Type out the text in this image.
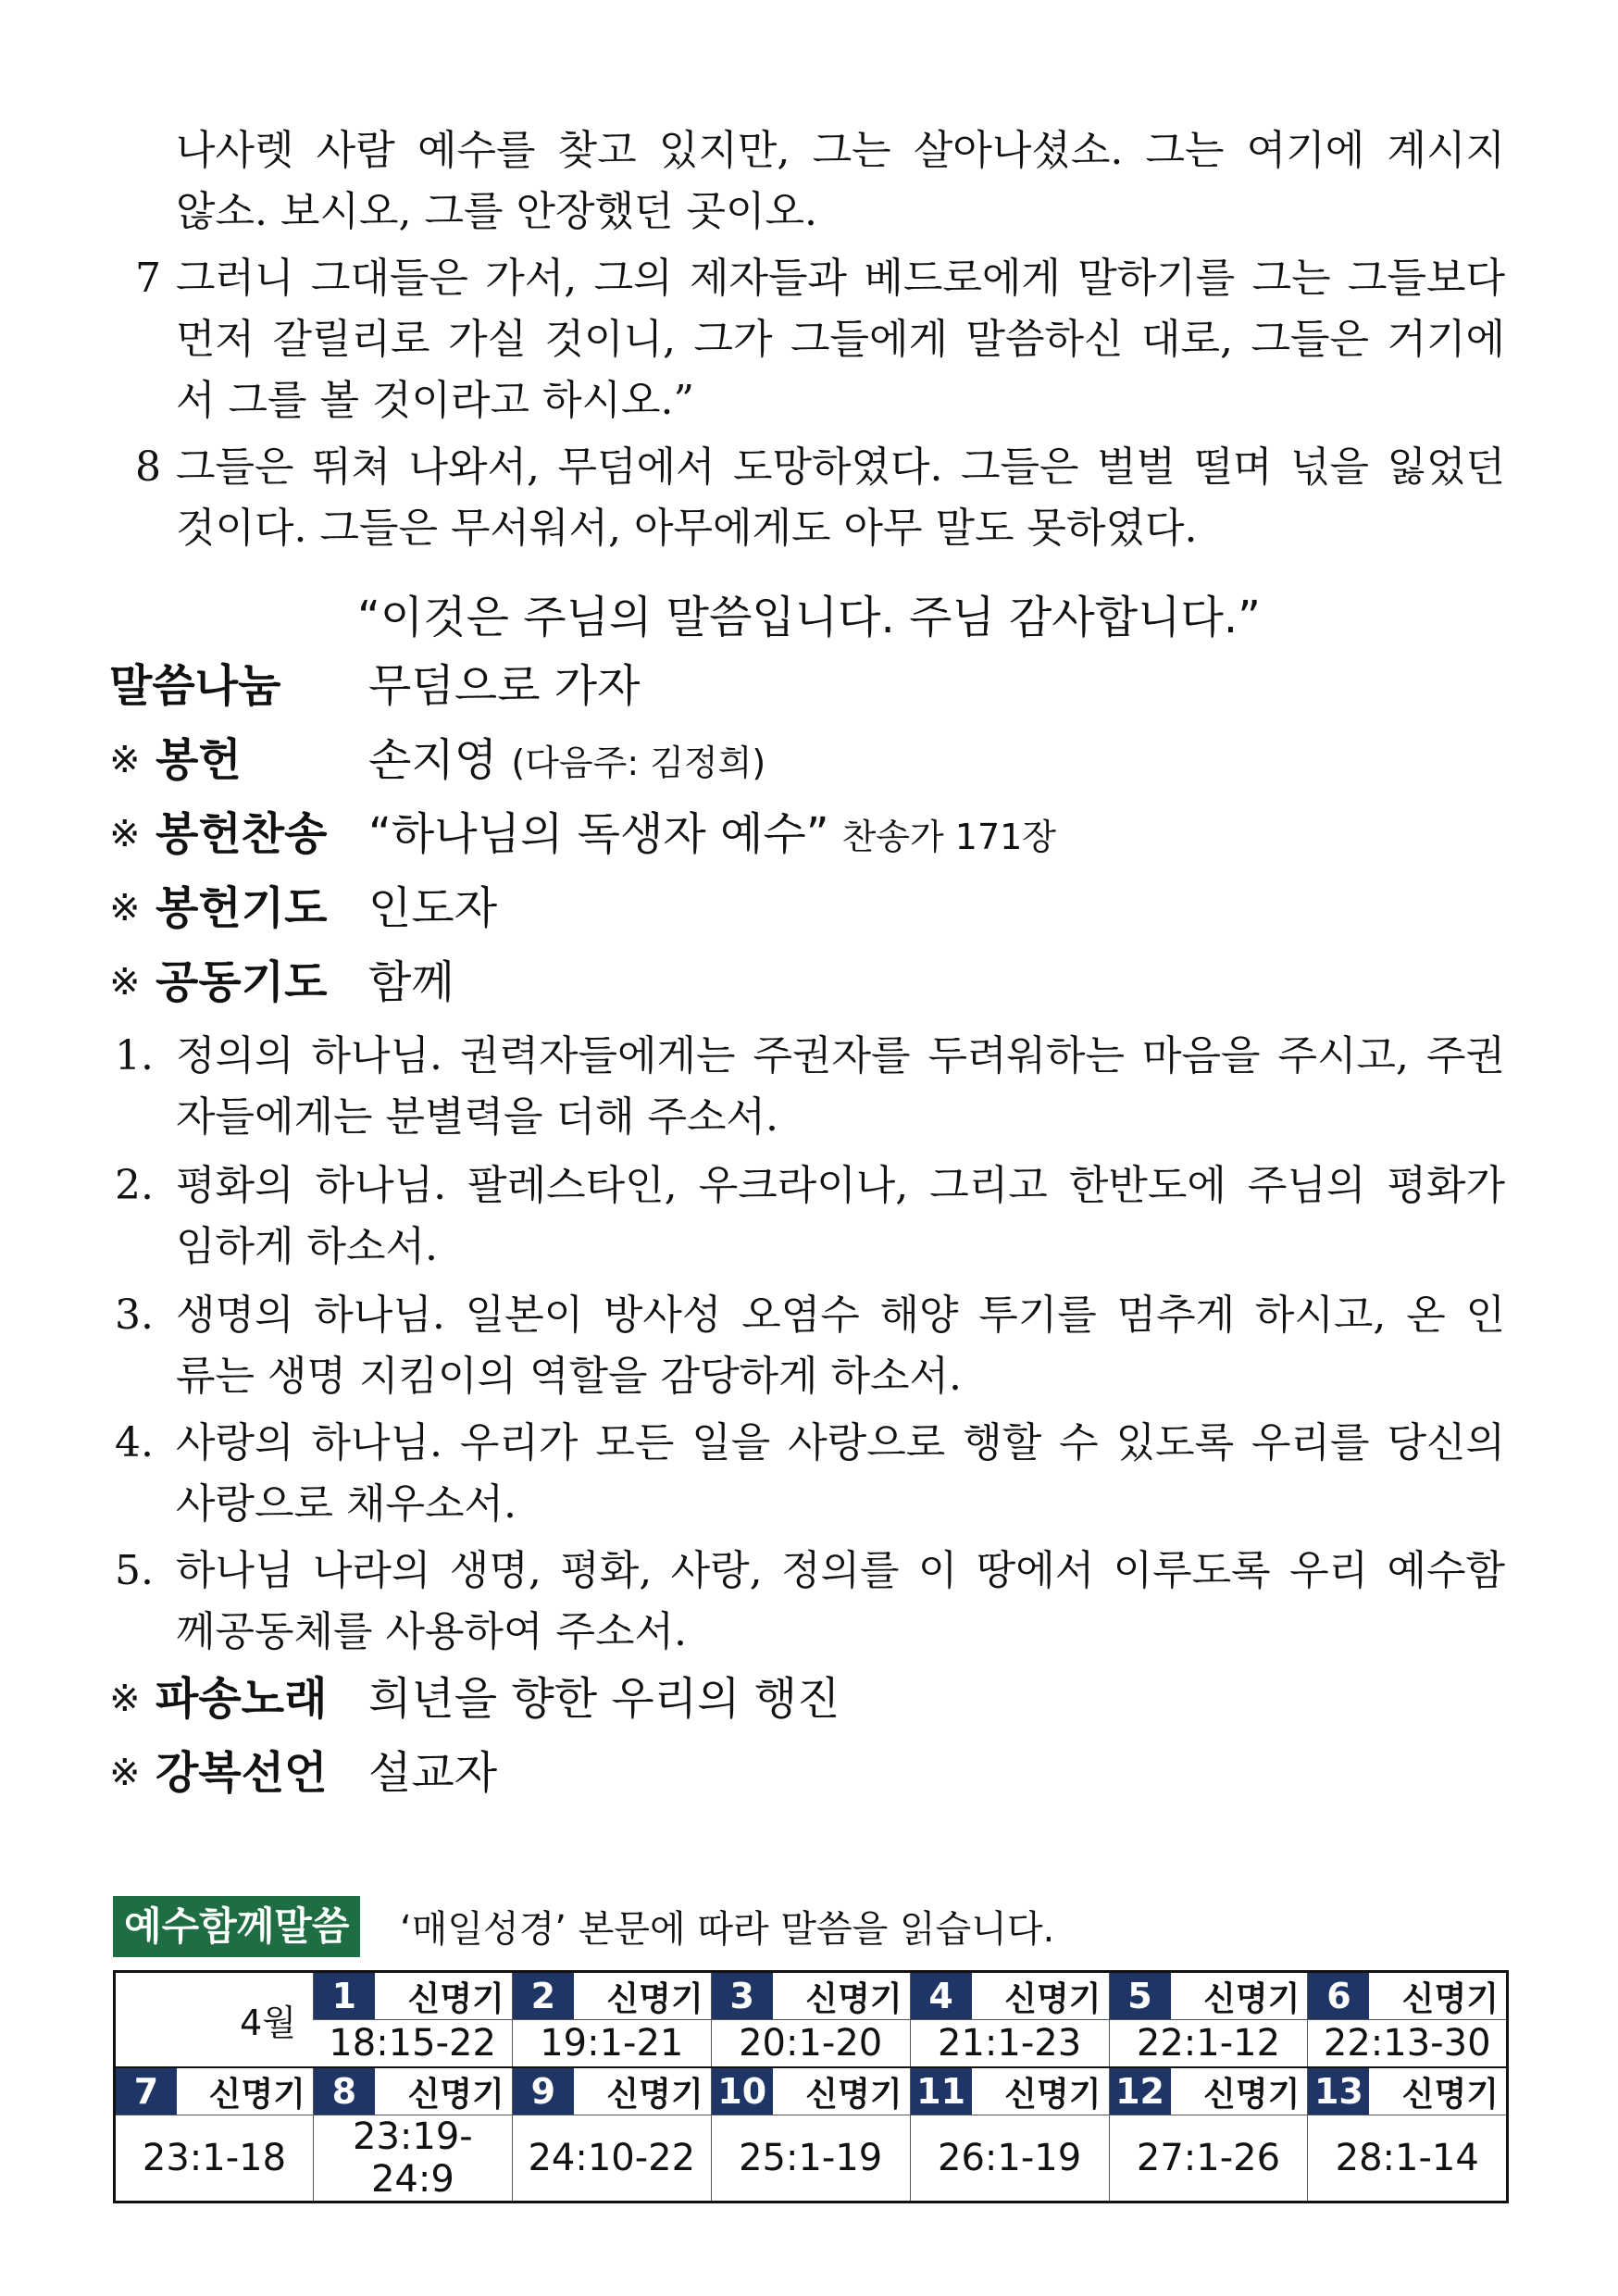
나사렛 사람 예수를 찾고 있지만, 그는 살아나셨소. 그는 여기에 계시지
않소. 보시오, 그를 안장했던 곳이오.
7 그러니 그대들은 가서, 그의 제자들과 베드로에게 말하기를 그는 그들보다
먼저 갈릴리로 가실 것이니, 그가 그들에게 말씀하신 대로, 그들은 거기에
서 그를 볼 것이라고 하시오.”
8 그들은 뛰쳐 나와서, 무덤에서 도망하였다. 그들은 벌벌 떨며 넋을 잃었던
것이다. 그들은 무서워서, 아무에게도 아무 말도 못하였다.
“이것은 주님의 말씀입니다. 주님 감사합니다.”
말씀나눔 무덤으로 가자
※ 봉헌	손지영 (다음주: 김정희)
※ 봉헌찬송 “하나님의 독생자 예수” 찬송가 171장
※ 봉헌기도 인도자
※ 공동기도 함께
1. 정의의 하나님. 권력자들에게는 주권자를 두려워하는 마음을 주시고, 주권
자들에게는 분별력을 더해 주소서.
2. 평화의 하나님. 팔레스타인, 우크라이나, 그리고 한반도에 주님의 평화가
임하게 하소서.
3. 생명의 하나님. 일본이 방사성 오염수 해양 투기를 멈추게 하시고, 온 인
류는 생명 지킴이의 역할을 감당하게 하소서.
4. 사랑의 하나님. 우리가 모든 일을 사랑으로 행할 수 있도록 우리를 당신의
사랑으로 채우소서.
5. 하나님 나라의 생명, 평화, 사랑, 정의를 이 땅에서 이루도록 우리 예수함
께공동체를 사용하여 주소서.
※ 파송노래 희년을 향한 우리의 행진
※ 강복선언 설교자
예수함께말씀	‘매일성경’ 본문에 따라 말씀을 읽습니다.
4월	1 신명기	2 신명기	3 신명기	4 신명기	5 신명기	6 신명기

	18:15-22	19:1-21	20:1-20	21:1-23	22:1-12	22:13-30

7 신명기	8 신명기	9 신명기	10 신명기	11 신명기	12 신명기	13 신명기

23:1-18	23:19-24:9	24:10-22	25:1-19	26:1-19	27:1-26	28:1-14
